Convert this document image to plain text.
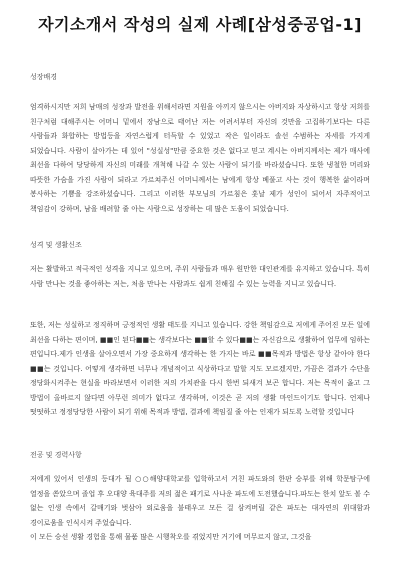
자기소개서 작성의 실제 사례[삼성중공업-1]
성장배경
엄격하시지만 저희 남매의 성장과 발전을 위해서라면 지원을 아끼지 않으시는 아버지와 자상하시고 항상 저희를 친구처럼 대해주시는 어머니 밑에서 장남으로 태어난 저는 어려서부터 자신의 것만을 고집하기보다는 다른 사람들과 화합하는 방법등을 자연스럽게 터득할 수 있었고 작은 일이라도 솔선 수범하는 자세를 가지게 되었습니다. 사람이 살아가는 데 있어 "성실성"만큼 중요한 것은 없다고 믿고 계시는 아버지께서는 제가 매사에 최선을 다하여 당당하게 자신의 미래를 개척해 나갈 수 있는 사람이 되기를 바라셨습니다. 또한 냉철한 머리와 따뜻한 가슴을 가진 사람이 되라고 가르쳐주신 어머니께서는 남에게 항상 베풀고 사는 것이 행복한 삶이라며 봉사하는 기쁨을 강조하셨습니다. 그리고 이러한 부모님의 가르침은 훗날 제가 성인이 되어서 자주적이고 책임감이 강하며, 남을 배려할 줄 아는 사람으로 성장하는 데 많은 도움이 되었습니다.
성격 및 생활신조
저는 활발하고 적극적인 성격을 지니고 있으며, 주위 사람들과 매우 원만한 대인관계를 유지하고 있습니다. 특히 사람 만나는 것을 좋아하는 저는, 처음 만나는 사람과도 쉽게 친해질 수 있는 능력을 지니고 있습니다.
또한, 저는 성실하고 정직하며 긍정적인 생활 태도를 지니고 있습니다. 강한 책임감으로 저에게 주어진 모든 일에 최선을 다하는 편이며, ■■인 된다■■는 생각보다는 ■■할 수 있다■■는 자신감으로 생활하여 업무에 임하는 편입니다.제가 인생을 살아오면서 가장 중요하게 생각하는 한 가지는 바로 ■■목적과 방법은 항상 같아야 한다■■는 것입니다. 어떻게 생각하면 너무나 개념적이고 식상하다고 말할 지도 모르겠지만, 가끔은 결과가 수단을 정당화시켜주는 현실을 바라보면서 이러한 저의 가치관을 다시 한번 되새겨 보곤 합니다. 저는 목적이 옳고 그 방법이 올바르지 않다면 아무런 의미가 없다고 생각하며, 이것은 곧 저의 생활 마인드이기도 합니다. 언제나 떳떳하고 정정당당한 사람이 되기 위해 목적과 방법, 결과에 책임질 줄 아는 인재가 되도록 노력할 것입니다
전공 및 경력사항
저에게 있어서 인생의 등대가 될 ○○해양대학교를 입학하고서 거친 파도와의 한판 승부를 위해 학문탐구에 열정을 쏟았으며 졸업 후 오대양 육대주를 저의 젊은 패기로 사나운 파도에 도전했습니다.파도는 한치 앞도 볼 수 없는 인생 속에서 갈매기와 벗삼아 외로움을 불태우고 모든 걸 삼켜버릴 같은 파도는 대자연의 위대함과 경이로움을 인식시켜 주었습니다.
이 모든 승선 생활 경험을 통해 물품 많은 시행착오를 겪었지만 거기에 머무르지 않고, 그것을
